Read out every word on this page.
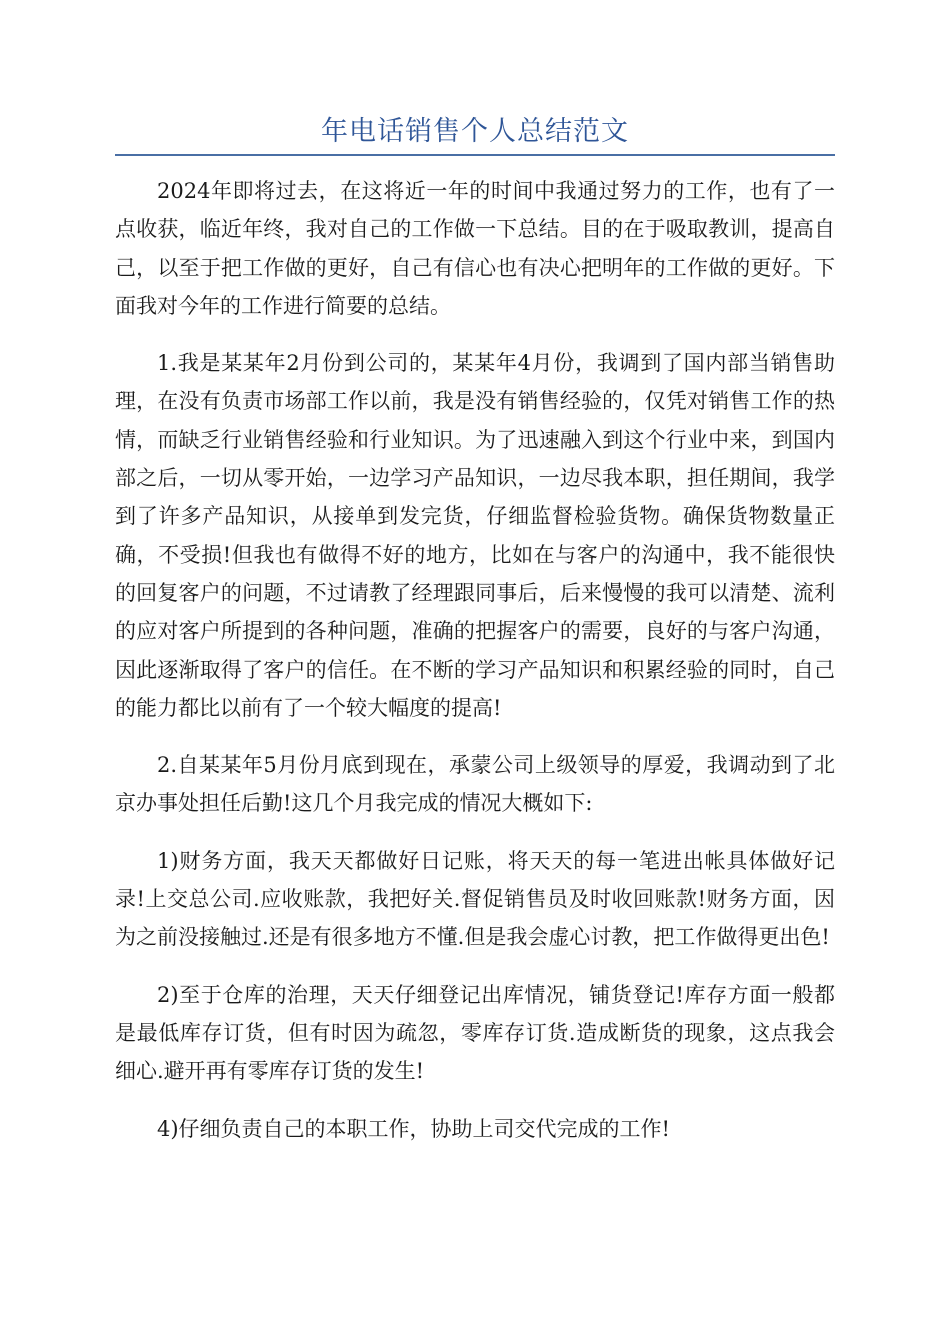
年电话销售个人总结范文

2024年即将过去，在这将近一年的时间中我通过努力的工作，也有了一点收获，临近年终，我对自己的工作做一下总结。目的在于吸取教训，提高自己，以至于把工作做的更好，自己有信心也有决心把明年的工作做的更好。下面我对今年的工作进行简要的总结。

1.我是某某年2月份到公司的，某某年4月份，我调到了国内部当销售助理，在没有负责市场部工作以前，我是没有销售经验的，仅凭对销售工作的热情，而缺乏行业销售经验和行业知识。为了迅速融入到这个行业中来，到国内部之后，一切从零开始，一边学习产品知识，一边尽我本职，担任期间，我学到了许多产品知识，从接单到发完货，仔细监督检验货物。确保货物数量正确，不受损!但我也有做得不好的地方，比如在与客户的沟通中，我不能很快的回复客户的问题，不过请教了经理跟同事后，后来慢慢的我可以清楚、流利的应对客户所提到的各种问题，准确的把握客户的需要，良好的与客户沟通，因此逐渐取得了客户的信任。在不断的学习产品知识和积累经验的同时，自己的能力都比以前有了一个较大幅度的提高!

2.自某某年5月份月底到现在，承蒙公司上级领导的厚爱，我调动到了北京办事处担任后勤!这几个月我完成的情况大概如下:

1)财务方面，我天天都做好日记账，将天天的每一笔进出帐具体做好记录!上交总公司.应收账款，我把好关.督促销售员及时收回账款!财务方面，因为之前没接触过.还是有很多地方不懂.但是我会虚心讨教，把工作做得更出色!

2)至于仓库的治理，天天仔细登记出库情况，铺货登记!库存方面一般都是最低库存订货，但有时因为疏忽，零库存订货.造成断货的现象，这点我会细心.避开再有零库存订货的发生!

4)仔细负责自己的本职工作，协助上司交代完成的工作!
